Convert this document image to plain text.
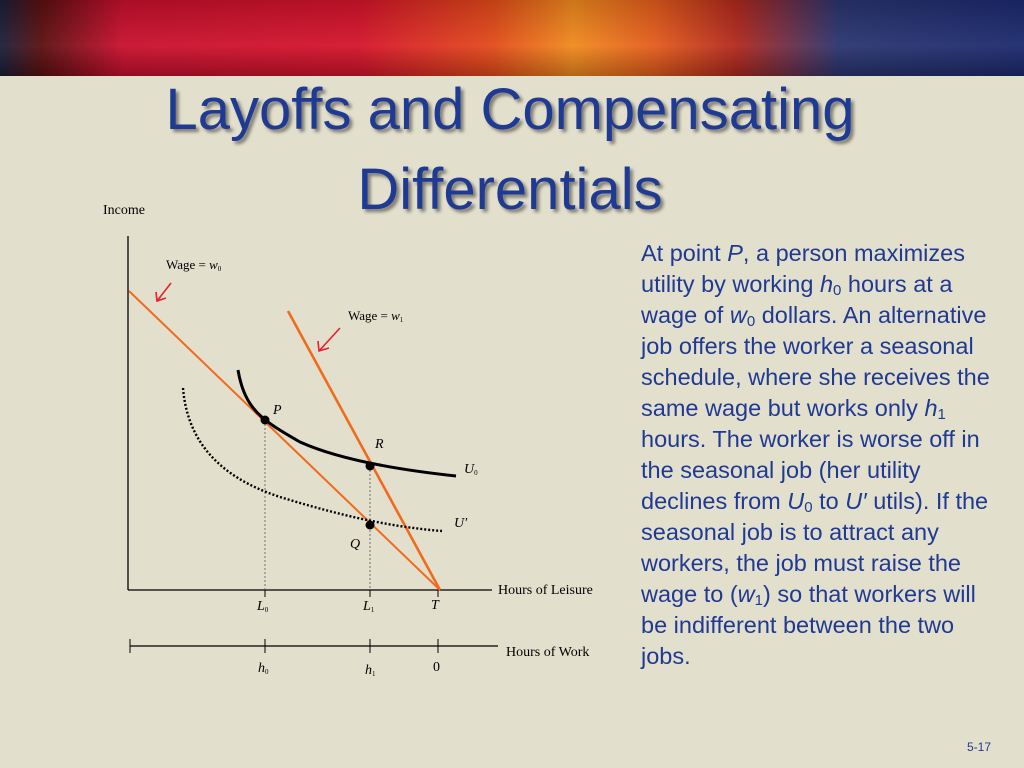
Layoffs and Compensating
Differentials
Income
Hours of Leisure
Hours of Work
Wage = w0
Wage = w1
P
R
Q
U0
U′
L0	L1	T
h0	h1	0
At point P, a person maximizes utility by working $h_0$ hours at a wage of $w_0$ dollars. An alternative job offers the worker a seasonal schedule, where she receives the same wage but works only $h_1$ hours. The worker is worse off in the seasonal job (her utility declines from $U_0$ to U′ utils). If the seasonal job is to attract any workers, the job must raise the wage to $(w_1)$ so that workers will be indifferent between the two jobs.
5-17
